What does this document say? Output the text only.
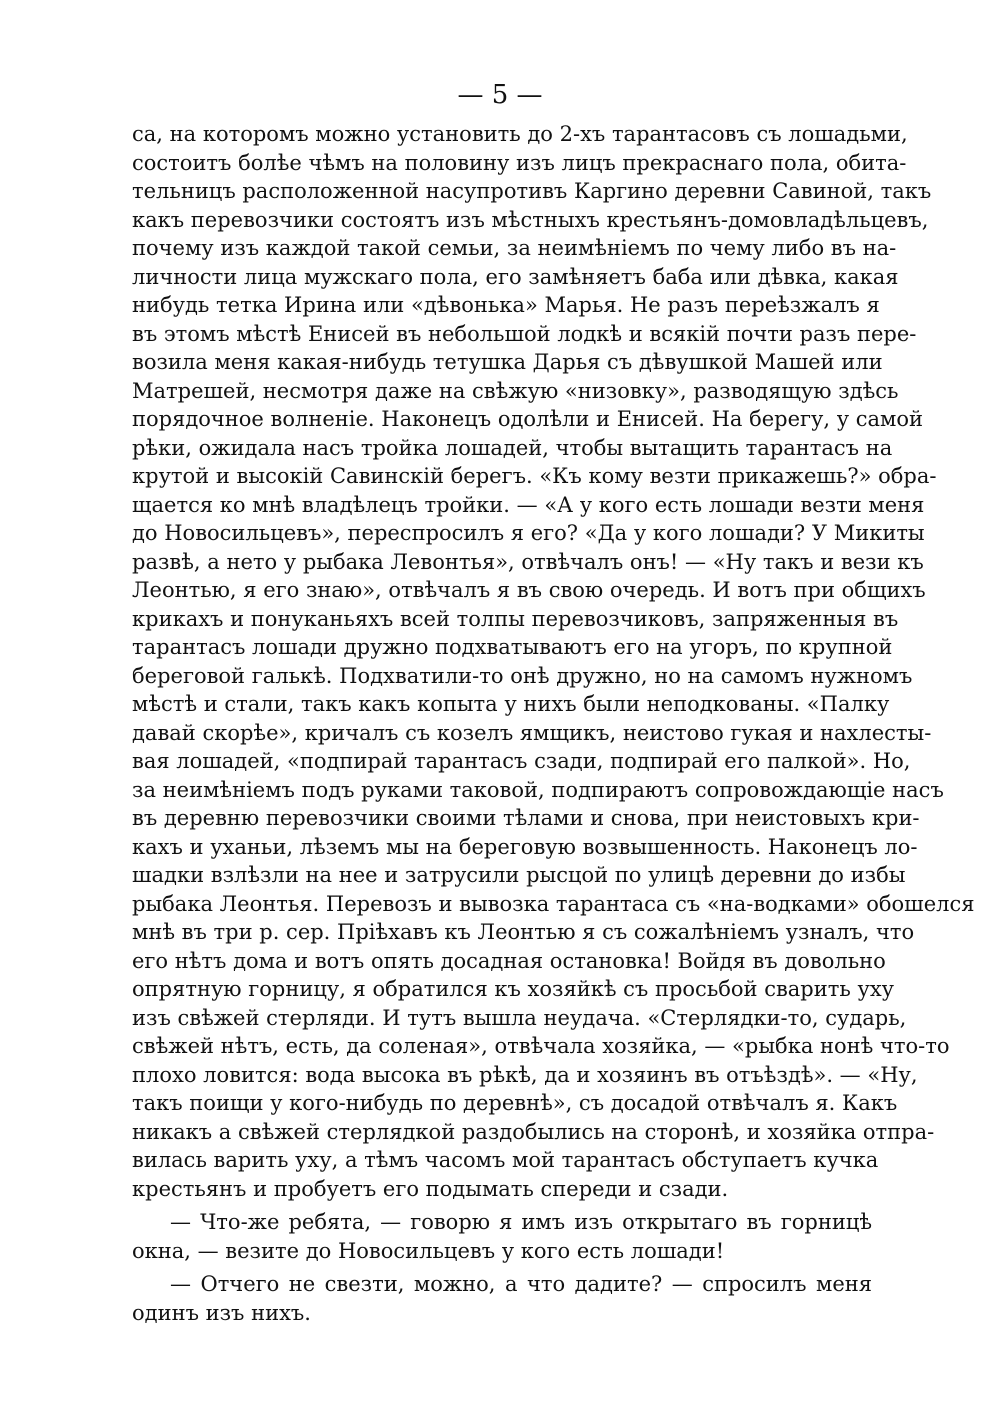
— 5 —
са, на которомъ можно установить до 2-хъ тарантасовъ съ лошадьми,
состоитъ болѣе чѣмъ на половину изъ лицъ прекраснаго пола, обита-
тельницъ расположенной насупротивъ Каргино деревни Савиной, такъ
какъ перевозчики состоятъ изъ мѣстныхъ крестьянъ-домовладѣльцевъ,
почему изъ каждой такой семьи, за неимѣніемъ по чему либо въ на-
личности лица мужскаго пола, его замѣняетъ баба или дѣвка, какая
нибудь тетка Ирина или «дѣвонька» Марья. Не разъ переѣзжалъ я
въ этомъ мѣстѣ Енисей въ небольшой лодкѣ и всякій почти разъ пере-
возила меня какая-нибудь тетушка Дарья съ дѣвушкой Машей или
Матрешей, несмотря даже на свѣжую «низовку», разводящую здѣсь
порядочное волненіе. Наконецъ одолѣли и Енисей. На берегу, у самой
рѣки, ожидала насъ тройка лошадей, чтобы вытащить тарантасъ на
крутой и высокій Савинскій берегъ. «Къ кому везти прикажешь?» обра-
щается ко мнѣ владѣлецъ тройки. — «А у кого есть лошади везти меня
до Новосильцевъ», переспросилъ я его? «Да у кого лошади? У Микиты
развѣ, а нето у рыбака Левонтья», отвѣчалъ онъ! — «Ну такъ и вези къ
Леонтью, я его знаю», отвѣчалъ я въ свою очередь. И вотъ при общихъ
крикахъ и понуканьяхъ всей толпы перевозчиковъ, запряженныя въ
тарантасъ лошади дружно подхватываютъ его на угоръ, по крупной
береговой галькѣ. Подхватили-то онѣ дружно, но на самомъ нужномъ
мѣстѣ и стали, такъ какъ копыта у нихъ были неподкованы. «Палку
давай скорѣе», кричалъ съ козелъ ямщикъ, неистово гукая и нахлесты-
вая лошадей, «подпирай тарантасъ сзади, подпирай его палкой». Но,
за неимѣніемъ подъ руками таковой, подпираютъ сопровождающіе насъ
въ деревню перевозчики своими тѣлами и снова, при неистовыхъ кри-
кахъ и уханьи, лѣземъ мы на береговую возвышенность. Наконецъ ло-
шадки взлѣзли на нее и затрусили рысцой по улицѣ деревни до избы
рыбака Леонтья. Перевозъ и вывозка тарантаса съ «на-водками» обошелся
мнѣ въ три р. сер. Пріѣхавъ къ Леонтью я съ сожалѣніемъ узналъ, что
его нѣтъ дома и вотъ опять досадная остановка! Войдя въ довольно
опрятную горницу, я обратился къ хозяйкѣ съ просьбой сварить уху
изъ свѣжей стерляди. И тутъ вышла неудача. «Стерлядки-то, сударь,
свѣжей нѣтъ, есть, да соленая», отвѣчала хозяйка, — «рыбка нонѣ что-то
плохо ловится: вода высока въ рѣкѣ, да и хозяинъ въ отъѣздѣ». — «Ну,
такъ поищи у кого-нибудь по деревнѣ», съ досадой отвѣчалъ я. Какъ
никакъ а свѣжей стерлядкой раздобылись на сторонѣ, и хозяйка отпра-
вилась варить уху, а тѣмъ часомъ мой тарантасъ обступаетъ кучка
крестьянъ и пробуетъ его подымать спереди и сзади.
— Что-же ребята, — говорю я имъ изъ открытаго въ горницѣ
окна, — везите до Новосильцевъ у кого есть лошади!
— Отчего не свезти, можно, а что дадите? — спросилъ меня
одинъ изъ нихъ.
